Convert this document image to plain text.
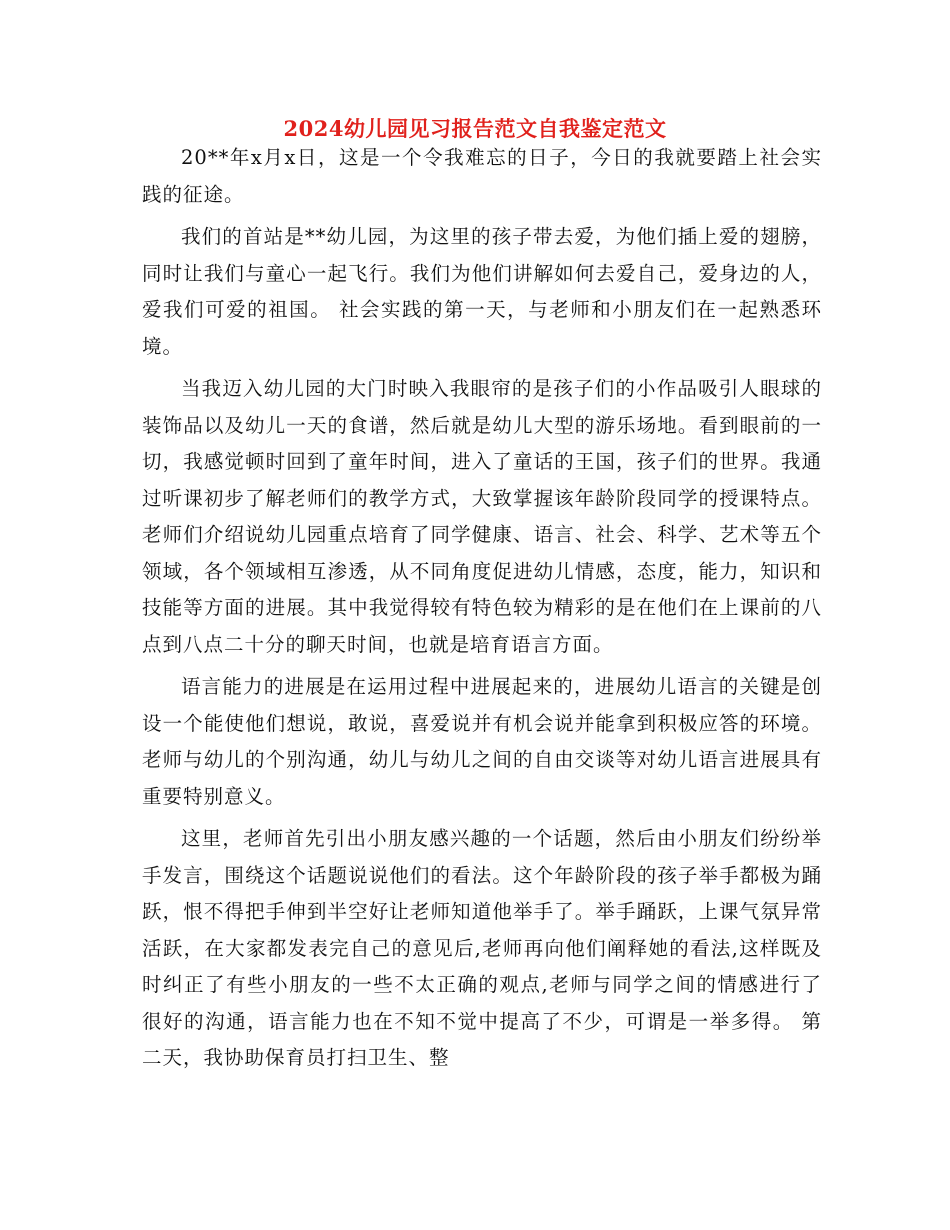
2024幼儿园见习报告范文自我鉴定范文

20**年x月x日，这是一个令我难忘的日子，今日的我就要踏上社会实践的征途。

我们的首站是**幼儿园，为这里的孩子带去爱，为他们插上爱的翅膀，同时让我们与童心一起飞行。我们为他们讲解如何去爱自己，爱身边的人，爱我们可爱的祖国。 社会实践的第一天，与老师和小朋友们在一起熟悉环境。

当我迈入幼儿园的大门时映入我眼帘的是孩子们的小作品吸引人眼球的装饰品以及幼儿一天的食谱，然后就是幼儿大型的游乐场地。看到眼前的一切，我感觉顿时回到了童年时间，进入了童话的王国，孩子们的世界。我通过听课初步了解老师们的教学方式，大致掌握该年龄阶段同学的授课特点。老师们介绍说幼儿园重点培育了同学健康、语言、社会、科学、艺术等五个领域，各个领域相互渗透，从不同角度促进幼儿情感，态度，能力，知识和技能等方面的进展。其中我觉得较有特色较为精彩的是在他们在上课前的八点到八点二十分的聊天时间，也就是培育语言方面。

语言能力的进展是在运用过程中进展起来的，进展幼儿语言的关键是创设一个能使他们想说，敢说，喜爱说并有机会说并能拿到积极应答的环境。老师与幼儿的个别沟通，幼儿与幼儿之间的自由交谈等对幼儿语言进展具有重要特别意义。

这里，老师首先引出小朋友感兴趣的一个话题，然后由小朋友们纷纷举手发言，围绕这个话题说说他们的看法。这个年龄阶段的孩子举手都极为踊跃，恨不得把手伸到半空好让老师知道他举手了。举手踊跃，上课气氛异常活跃，在大家都发表完自己的意见后,老师再向他们阐释她的看法,这样既及时纠正了有些小朋友的一些不太正确的观点,老师与同学之间的情感进行了很好的沟通，语言能力也在不知不觉中提高了不少，可谓是一举多得。 第二天，我协助保育员打扫卫生、整
